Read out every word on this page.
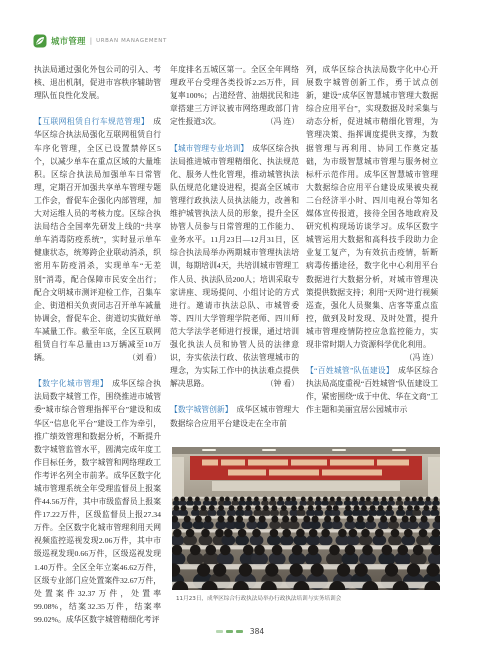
城市管理 | URBAN MANAGEMENT

执法局通过强化外包公司的引入、考核、退出机制，促进市容秩序辅助管理队伍良性化发展。

【互联网租赁自行车规范管理】 成华区综合执法局强化互联网租赁自行车序化管理，全区已设置禁停区5个，以减少单车在重点区域的大量堆积。区综合执法局加强单车日常管理，定期召开加强共享单车管理专题工作会，督促车企强化内部管理，加大对运维人员的考核力度。区综合执法局结合全国率先研发上线的“共享单车消毒防疫系统”，实时显示单车健康状态，统筹跨企业联动消杀，织密用车防疫消杀，实现单车“无差别”消毒，配合保障市民安全出行；配合文明城市测评迎检工作，召集车企、街道相关负责同志召开单车减量协调会，督促车企、街道切实做好单车减量工作。截至年底，全区互联网租赁自行车总量由13万辆减至10万辆。	（刘 看）

【数字化城市管理】 成华区综合执法局数字城管工作，围绕推进市城管委“城市综合管理指挥平台”建设和成华区“信息化平台”建设工作为牵引，推广绩效管理和数据分析，不断提升数字城管监管水平，圆满完成年度工作目标任务，数字城管和网络理政工作考评名列全市前茅。成华区数字化城市管理系统全年受理监督员上报案件44.56万件，其中市级监督员上报案件17.22万件，区级监督员上报27.34万件。全区数字化城市管理利用天网视频监控巡视发现2.06万件，其中市级巡视发现0.66万件，区级巡视发现1.40万件。全区全年立案46.62万件，区级专业部门应处置案件32.67万件，处置案件32.37万件，处置率99.08%，结案32.35万件，结案率99.02%。成华区数字城管精细化考评

年度排名五城区第一。全区全年网络理政平台受理各类投诉2.25万件，回复率100%；占道经营、油烟扰民和违章搭建三方评议被市网络理政部门肯定性报道3次。	（冯 连）

【城市管理专业培训】 成华区综合执法局推进城市管理精细化、执法规范化、服务人性化管理，推动城管执法队伍规范化建设进程，提高全区城市管理行政执法人员执法能力，改善和维护城管执法人员的形象，提升全区协管人员参与日常管理的工作能力、业务水平。11月23日—12月31日，区综合执法局举办两期城市管理执法培训，每期培训4天，共培训城市管理工作人员、执法队员200人；培训采取专家讲座、现场提问、小组讨论的方式进行。邀请市执法总队、市城管委等、四川大学管理学院老师、四川师范大学法学老师进行授课，通过培训强化执法人员和协管人员的法律意识，夯实依法行政、依法管理城市的理念，为实际工作中的执法难点提供解决思路。	（钟 看）

【数字城管创新】 成华区城市管理大数据综合应用平台建设走在全市前

列，成华区综合执法局数字化中心开展数字城管创新工作，勇于试点创新，建设“成华区智慧城市管理大数据综合应用平台”，实现数据及时采集与动态分析，促进城市精细化管理，为管理决策、指挥调度提供支撑，为数据管理与再利用、协同工作奠定基础，为市级智慧城市管理与服务树立标杆示范作用。成华区智慧城市管理大数据综合应用平台建设成果被央视二台经济半小时、四川电视台等知名媒体宣传报道，接待全国各地政府及研究机构现场访谈学习。成华区数字城管运用大数据和高科技手段助力企业复工复产，为有效抗击疫情，斩断病毒传播途径，数字化中心利用平台数据进行大数据分析，对城市管理决策提供数据支持；利用“天网”进行视频巡查，强化人员聚集、店客等重点监控，做到及时发现、及时处置，提升城市管理疫情防控应急监控能力，实现非常时期人力资源科学优化利用。
（冯 连）

【“百姓城管”队伍建设】 成华区综合执法局高度重视“百姓城管”队伍建设工作，紧密围绕“成于中优、华在文商”工作主题和美丽宜居公园城市示

11月23日，成华区综合行政执法局举办行政执法培训与实务培训会
384
